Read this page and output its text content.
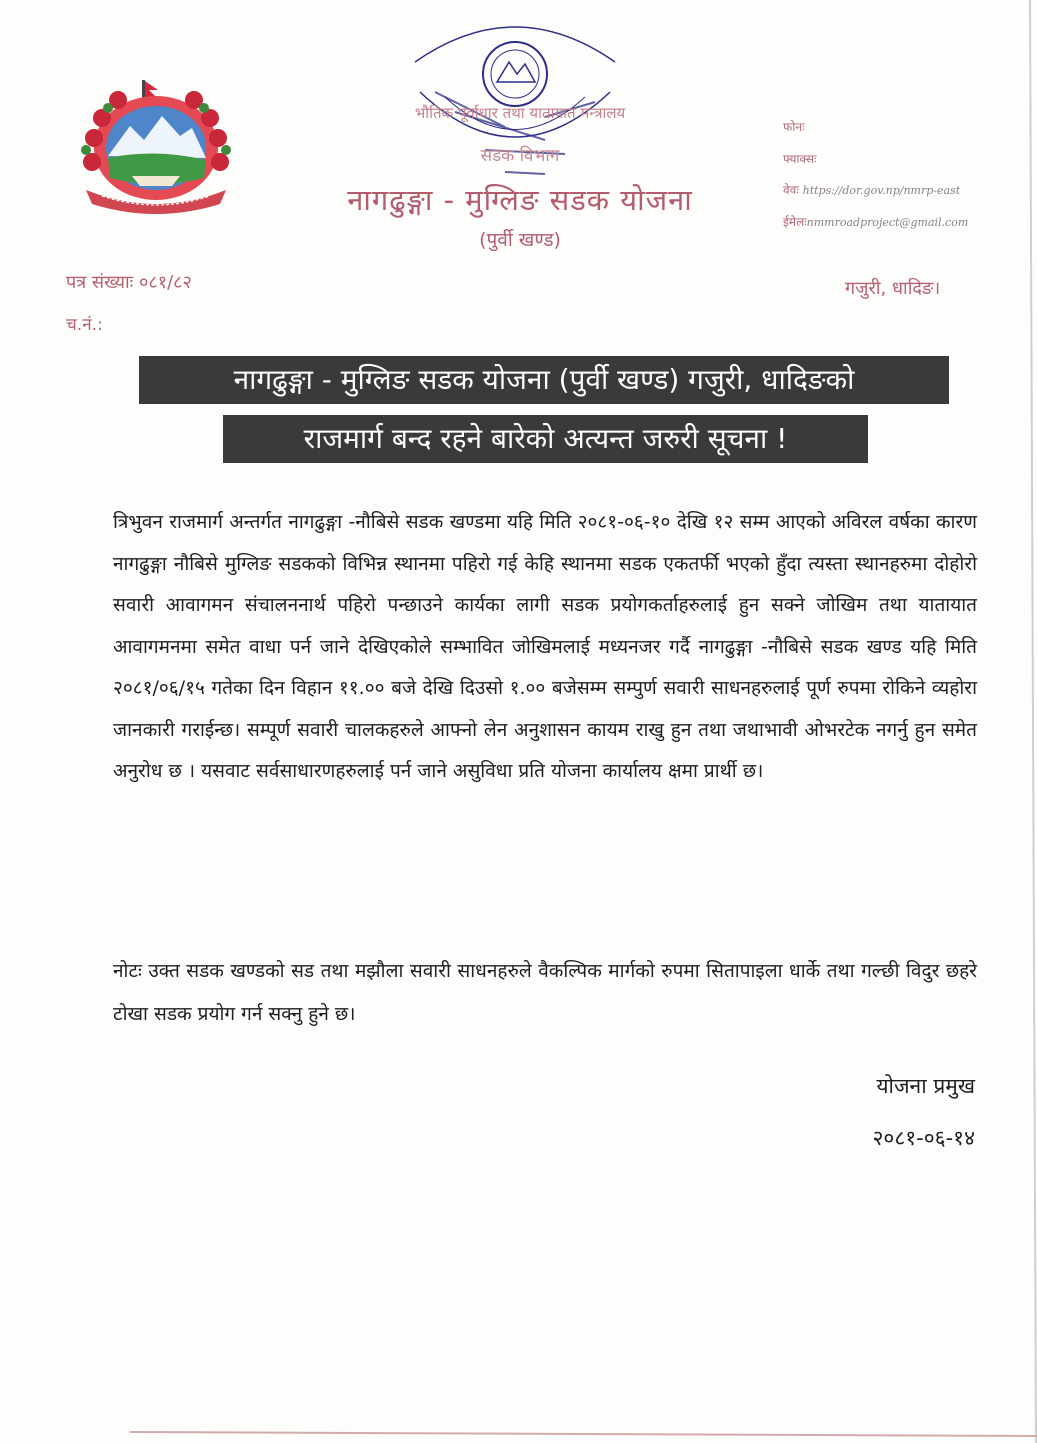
भौतिक पूर्वाधार तथा यातायात मन्त्रालय
सडक विभाग
नागढुङ्गा - मुग्लिङ सडक योजना
(पुर्वी खण्ड)
फोनः
फ्याक्सः
वेवः https://dor.gov.np/nmrp-east
ईमेलःnmmroadproject@gmail.com
पत्र संख्याः ०८१/८२
च.नं.:
गजुरी, धादिङ।
नागढुङ्गा - मुग्लिङ सडक योजना (पुर्वी खण्ड) गजुरी, धादिङको
राजमार्ग बन्द रहने बारेको अत्यन्त जरुरी सूचना !
त्रिभुवन राजमार्ग अन्तर्गत नागढुङ्गा -नौबिसे सडक खण्डमा यहि मिति २०८१-०६-१० देखि १२ सम्म आएको अविरल वर्षका कारण नागढुङ्गा नौबिसे मुग्लिङ सडकको विभिन्न स्थानमा पहिरो गई केहि स्थानमा सडक एकतर्फी भएको हुँदा त्यस्ता स्थानहरुमा दोहोरो सवारी आवागमन संचालननार्थ पहिरो पन्छाउने कार्यका लागी सडक प्रयोगकर्ताहरुलाई हुन सक्ने जोखिम तथा यातायात आवागमनमा समेत वाधा पर्न जाने देखिएकोले सम्भावित जोखिमलाई मध्यनजर गर्दै नागढुङ्गा -नौबिसे सडक खण्ड यहि मिति २०८१/०६/१५ गतेका दिन विहान ११.०० बजे देखि दिउसो १.०० बजेसम्म सम्पुर्ण सवारी साधनहरुलाई पूर्ण रुपमा रोकिने व्यहोरा जानकारी गराईन्छ। सम्पूर्ण सवारी चालकहरुले आफ्नो लेन अनुशासन कायम राखु हुन तथा जथाभावी ओभरटेक नगर्नु हुन समेत अनुरोध छ । यसवाट सर्वसाधारणहरुलाई पर्न जाने असुविधा प्रति योजना कार्यालय क्षमा प्रार्थी छ।
नोटः उक्त सडक खण्डको सड तथा मझौला सवारी साधनहरुले वैकल्पिक मार्गको रुपमा सितापाइला धार्के तथा गल्छी विदुर छहरे टोखा सडक प्रयोग गर्न सक्नु हुने छ।
योजना प्रमुख
२०८१-०६-१४
